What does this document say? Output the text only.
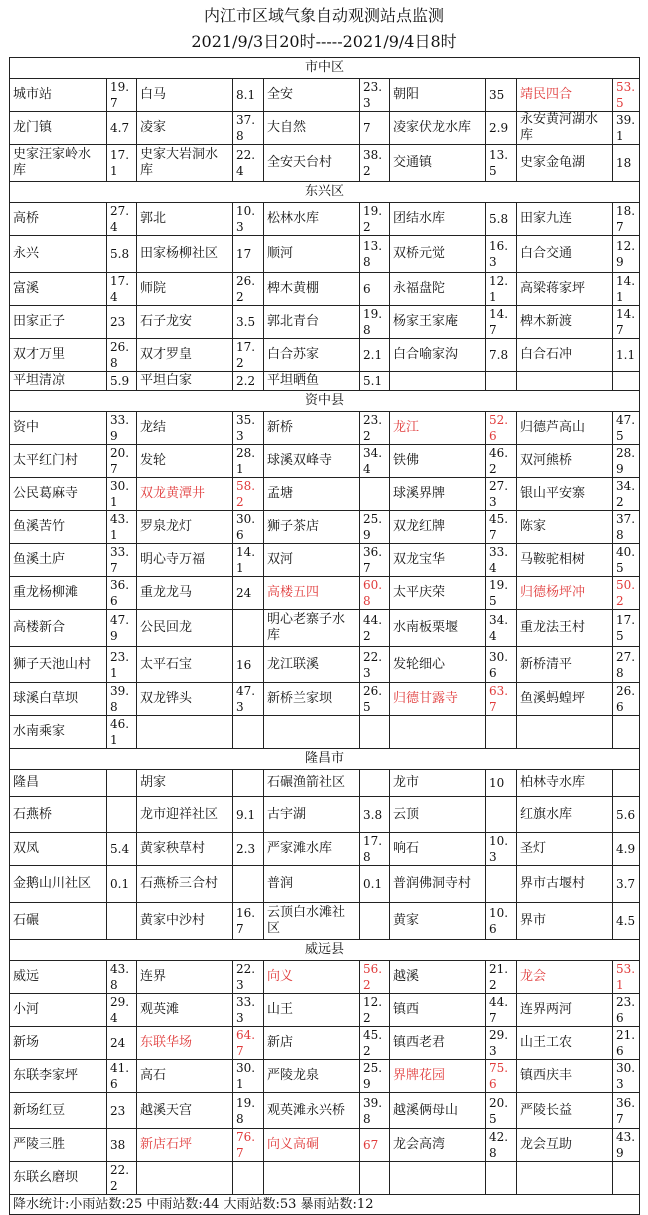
内江市区域气象自动观测站点监测
2021/9/3日20时-----2021/9/4日8时
市中区									
城市站	19.7	白马	8.1	全安	23.3	朝阳	35	靖民四合	53.5
龙门镇	4.7	凌家	37.8	大自然	7	凌家伏龙水库	2.9	永安黄河湖水库	39.1
史家汪家岭水库	17.1	史家大岩洞水库	22.4	全安天台村	38.2	交通镇	13.5	史家金龟湖	18
东兴区									
高桥	27.4	郭北	10.3	松林水库	19.2	团结水库	5.8	田家九连	18.7
永兴	5.8	田家杨柳社区	17	顺河	13.8	双桥元觉	16.3	白合交通	12.9
富溪	17.4	师院	26.2	椑木黄棚	6	永福盘陀	12.1	高梁蒋家坪	14.1
田家正子	23	石子龙安	3.5	郭北青台	19.8	杨家王家庵	14.7	椑木新渡	14.7
双才万里	26.8	双才罗皇	17.2	白合苏家	2.1	白合喻家沟	7.8	白合石冲	1.1
平坦清凉	5.9	平坦白家	2.2	平坦晒鱼	5.1				
资中县									
资中	33.9	龙结	35.3	新桥	23.2	龙江	52.6	归德芦高山	47.5
太平红门村	20.7	发轮	28.1	球溪双峰寺	34.4	铁佛	46.2	双河熊桥	28.9
公民葛麻寺	30.1	双龙黄潭井	58.2	孟塘		球溪界牌	27.3	银山平安寨	34.2
鱼溪苦竹	43.1	罗泉龙灯	30.6	狮子茶店	25.9	双龙红牌	45.7	陈家	37.8
鱼溪土庐	33.7	明心寺万福	14.1	双河	36.7	双龙宝华	33.4	马鞍驼相树	40.5
重龙杨柳滩	36.6	重龙龙马	24	高楼五四	60.8	太平庆荣	19.5	归德杨坪冲	50.2
高楼新合	47.9	公民回龙		明心老寨子水库	44.2	水南板栗堰	34.4	重龙法王村	17.5
狮子天池山村	23.1	太平石宝	16	龙江联溪	22.3	发轮细心	30.6	新桥清平	27.8
球溪白草坝	39.8	双龙铧头	47.3	新桥兰家坝	26.5	归德甘露寺	63.7	鱼溪蚂蝗坪	26.6
水南乘家	46.1								
隆昌市									
隆昌		胡家		石碾渔箭社区		龙市	10	柏林寺水库	
石燕桥		龙市迎祥社区	9.1	古宇湖	3.8	云顶		红旗水库	5.6
双凤	5.4	黄家秧草村	2.3	严家滩水库	17.8	响石	10.3	圣灯	4.9
金鹅山川社区	0.1	石燕桥三合村		普润	0.1	普润佛洞寺村		界市古堰村	3.7
石碾		黄家中沙村	16.7	云顶白水滩社区		黄家	10.6	界市	4.5
威远县									
威远	43.8	连界	22.3	向义	56.2	越溪	21.2	龙会	53.1
小河	29.4	观英滩	33.3	山王	12.2	镇西	44.7	连界两河	23.6
新场	24	东联华场	64.7	新店	45.2	镇西老君	29.3	山王工农	21.6
东联李家坪	41.6	高石	30.1	严陵龙泉	25.9	界牌花园	75.6	镇西庆丰	30.3
新场红豆	23	越溪天宫	19.8	观英滩永兴桥	39.8	越溪俩母山	20.5	严陵长益	36.7
严陵三胜	38	新店石坪	76.7	向义高硐	67	龙会高湾	42.8	龙会互助	43.9
东联幺磨坝	22.2								
降水统计:小雨站数:25 中雨站数:44 大雨站数:53 暴雨站数:12									
